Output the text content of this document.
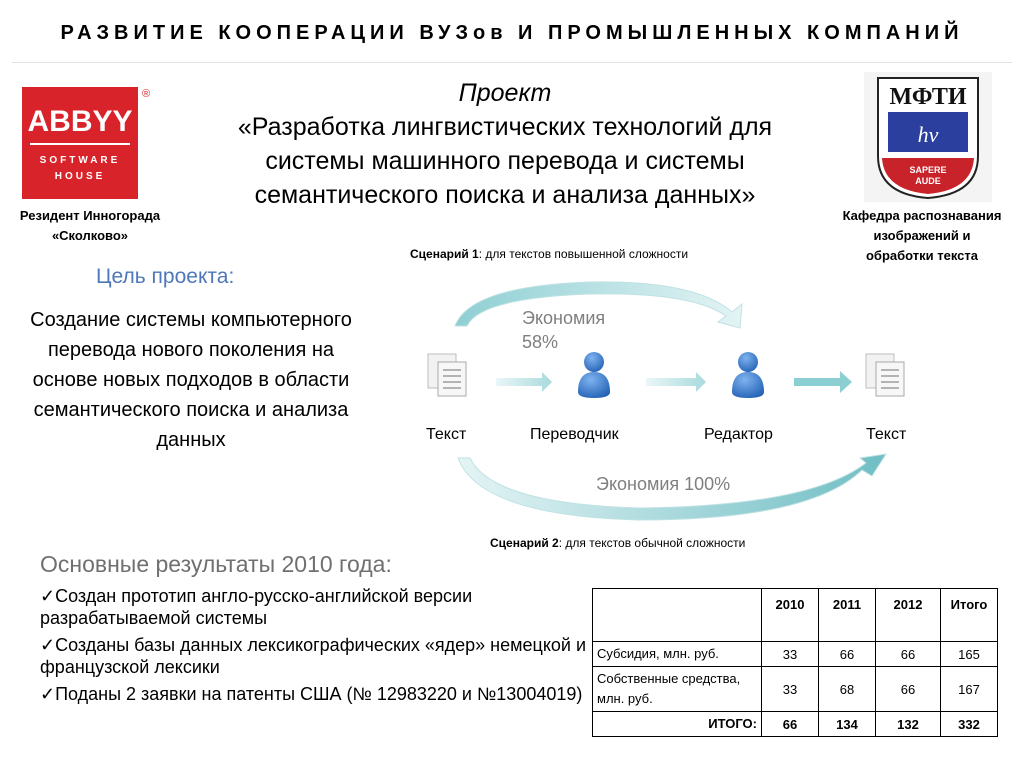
РАЗВИТИЕ КООПЕРАЦИИ ВУЗов И ПРОМЫШЛЕННЫХ КОМПАНИЙ
ABBYY
SOFTWARE
HOUSE
®
Резидент Инногорада
«Сколково»
МФТИ
hv
SAPERE
AUDE
Кафедра распознавания
изображений и
обработки текста
Проект
«Разработка лингвистических технологий для
системы машинного перевода и системы
семантического поиска и анализа данных»
Цель проекта:
Создание системы компьютерного перевода нового поколения на основе новых подходов в области семантического поиска и анализа данных
Сценарий 1: для текстов повышенной сложности
Экономия
58%
Текст	Переводчик	Редактор	Текст
Экономия 100%
Сценарий 2: для текстов обычной сложности
Основные результаты 2010 года:
✓Создан прототип англо-русско-английской версии разрабатываемой системы
✓Созданы базы данных лексикографических «ядер» немецкой и французской лексики
✓Поданы 2 заявки на патенты США (№ 12983220 и №13004019)
	2010	2011	2012	Итого
Субсидия, млн. руб.	33	66	66	165
Собственные средства, млн. руб.	33	68	66	167
ИТОГО:	66	134	132	332
